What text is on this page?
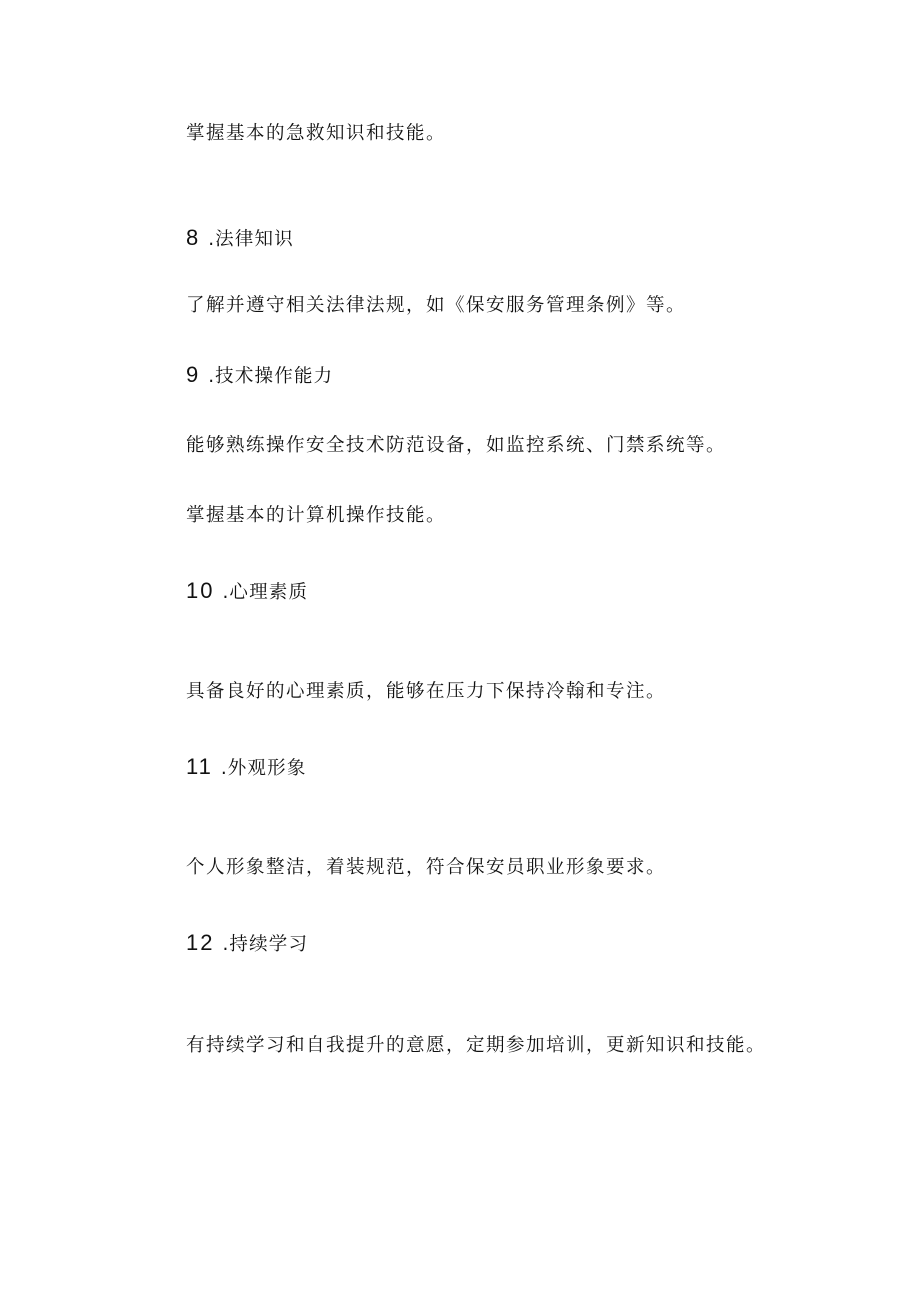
掌握基本的急救知识和技能。
8 .法律知识
了解并遵守相关法律法规，如《保安服务管理条例》等。
9 .技术操作能力
能够熟练操作安全技术防范设备，如监控系统、门禁系统等。
掌握基本的计算机操作技能。
10 .心理素质
具备良好的心理素质，能够在压力下保持冷翰和专注。
11 .外观形象
个人形象整洁，着装规范，符合保安员职业形象要求。
12 .持续学习
有持续学习和自我提升的意愿，定期参加培训，更新知识和技能。
